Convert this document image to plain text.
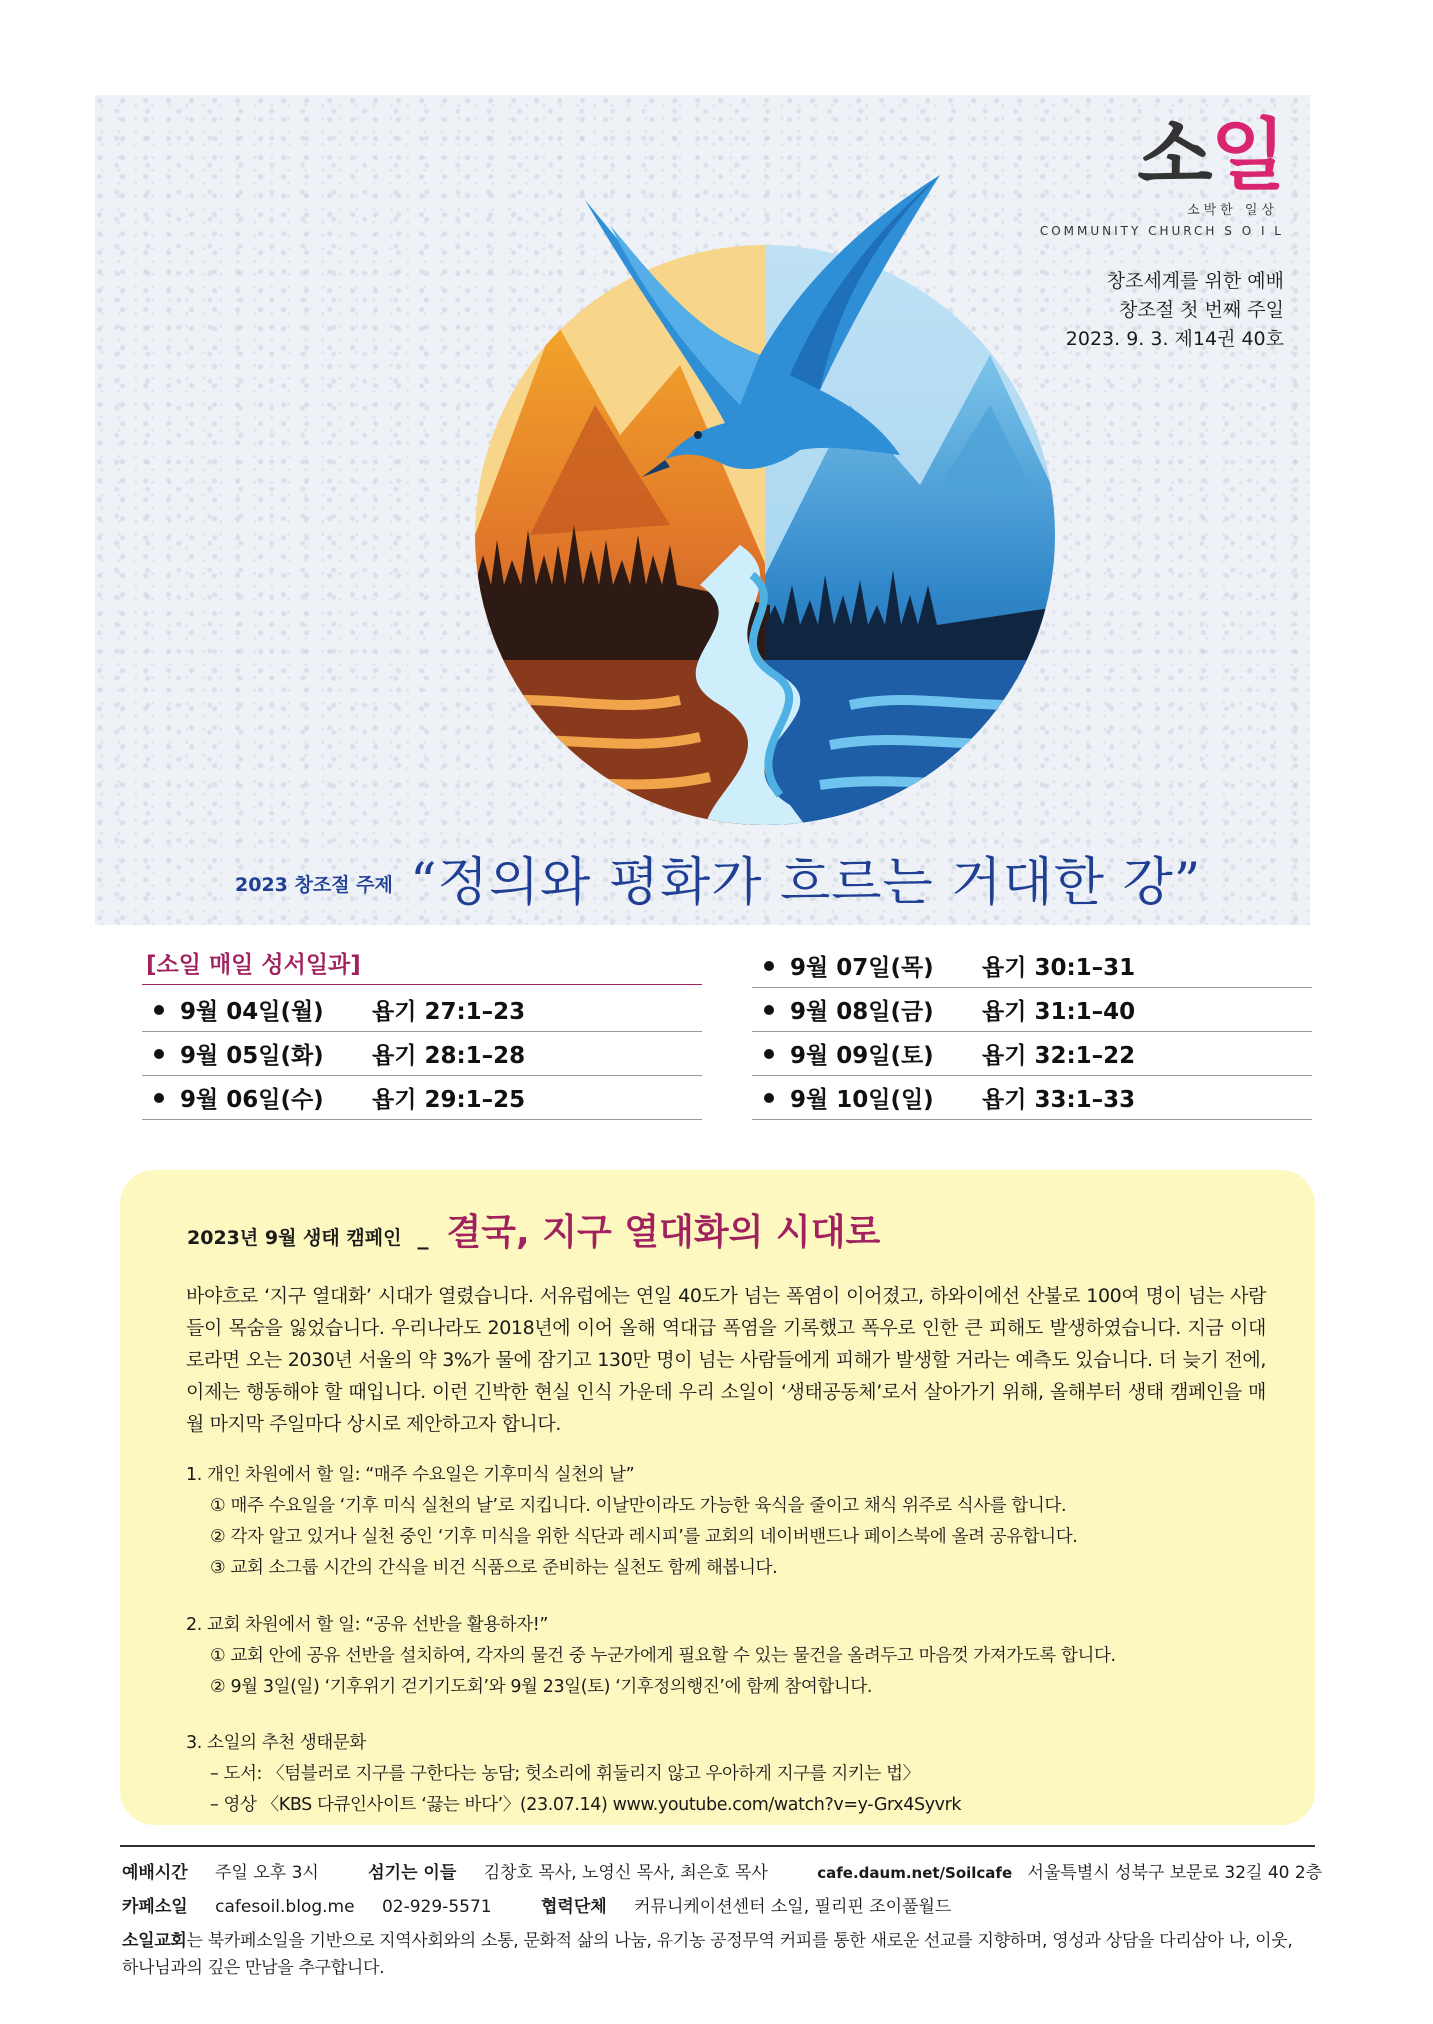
소일
소박한 일상
COMMUNITY CHURCH S O I L
창조세계를 위한 예배
창조절 첫 번째 주일
2023. 9. 3. 제14권 40호
2023 창조절 주제 “정의와 평화가 흐르는 거대한 강”
[소일 매일 성서일과]
9월 04일(월)	욥기 27:1–23
9월 05일(화)	욥기 28:1–28
9월 06일(수)	욥기 29:1–25
9월 07일(목)	욥기 30:1–31
9월 08일(금)	욥기 31:1–40
9월 09일(토)	욥기 32:1–22
9월 10일(일)	욥기 33:1–33
2023년 9월 생태 캠페인 _ 결국, 지구 열대화의 시대로
바야흐로 ‘지구 열대화’ 시대가 열렸습니다. 서유럽에는 연일 40도가 넘는 폭염이 이어졌고, 하와이에선 산불로 100여 명이 넘는 사람들이 목숨을 잃었습니다. 우리나라도 2018년에 이어 올해 역대급 폭염을 기록했고 폭우로 인한 큰 피해도 발생하였습니다. 지금 이대로라면 오는 2030년 서울의 약 3%가 물에 잠기고 130만 명이 넘는 사람들에게 피해가 발생할 거라는 예측도 있습니다. 더 늦기 전에, 이제는 행동해야 할 때입니다. 이런 긴박한 현실 인식 가운데 우리 소일이 ‘생태공동체’로서 살아가기 위해, 올해부터 생태 캠페인을 매월 마지막 주일마다 상시로 제안하고자 합니다.
1. 개인 차원에서 할 일: “매주 수요일은 기후미식 실천의 날”
① 매주 수요일을 ‘기후 미식 실천의 날’로 지킵니다. 이날만이라도 가능한 육식을 줄이고 채식 위주로 식사를 합니다.
② 각자 알고 있거나 실천 중인 ‘기후 미식을 위한 식단과 레시피’를 교회의 네이버밴드나 페이스북에 올려 공유합니다.
③ 교회 소그룹 시간의 간식을 비건 식품으로 준비하는 실천도 함께 해봅니다.
2. 교회 차원에서 할 일: “공유 선반을 활용하자!”
① 교회 안에 공유 선반을 설치하여, 각자의 물건 중 누군가에게 필요할 수 있는 물건을 올려두고 마음껏 가져가도록 합니다.
② 9월 3일(일) ‘기후위기 걷기기도회’와 9월 23일(토) ‘기후정의행진’에 함께 참여합니다.
3. 소일의 추천 생태문화
– 도서: 〈텀블러로 지구를 구한다는 농담; 헛소리에 휘둘리지 않고 우아하게 지구를 지키는 법〉
– 영상 〈KBS 다큐인사이트 ‘끓는 바다’〉(23.07.14) www.youtube.com/watch?v=y-Grx4Syvrk
예배시간 주일 오후 3시	섬기는 이들 김창호 목사, 노영신 목사, 최은호 목사	cafe.daum.net/Soilcafe 서울특별시 성북구 보문로 32길 40 2층
카페소일 cafesoil.blog.me 02-929-5571	협력단체 커뮤니케이션센터 소일, 필리핀 조이풀월드
소일교회는 북카페소일을 기반으로 지역사회와의 소통, 문화적 삶의 나눔, 유기농 공정무역 커피를 통한 새로운 선교를 지향하며, 영성과 상담을 다리삼아 나, 이웃, 하나님과의 깊은 만남을 추구합니다.
